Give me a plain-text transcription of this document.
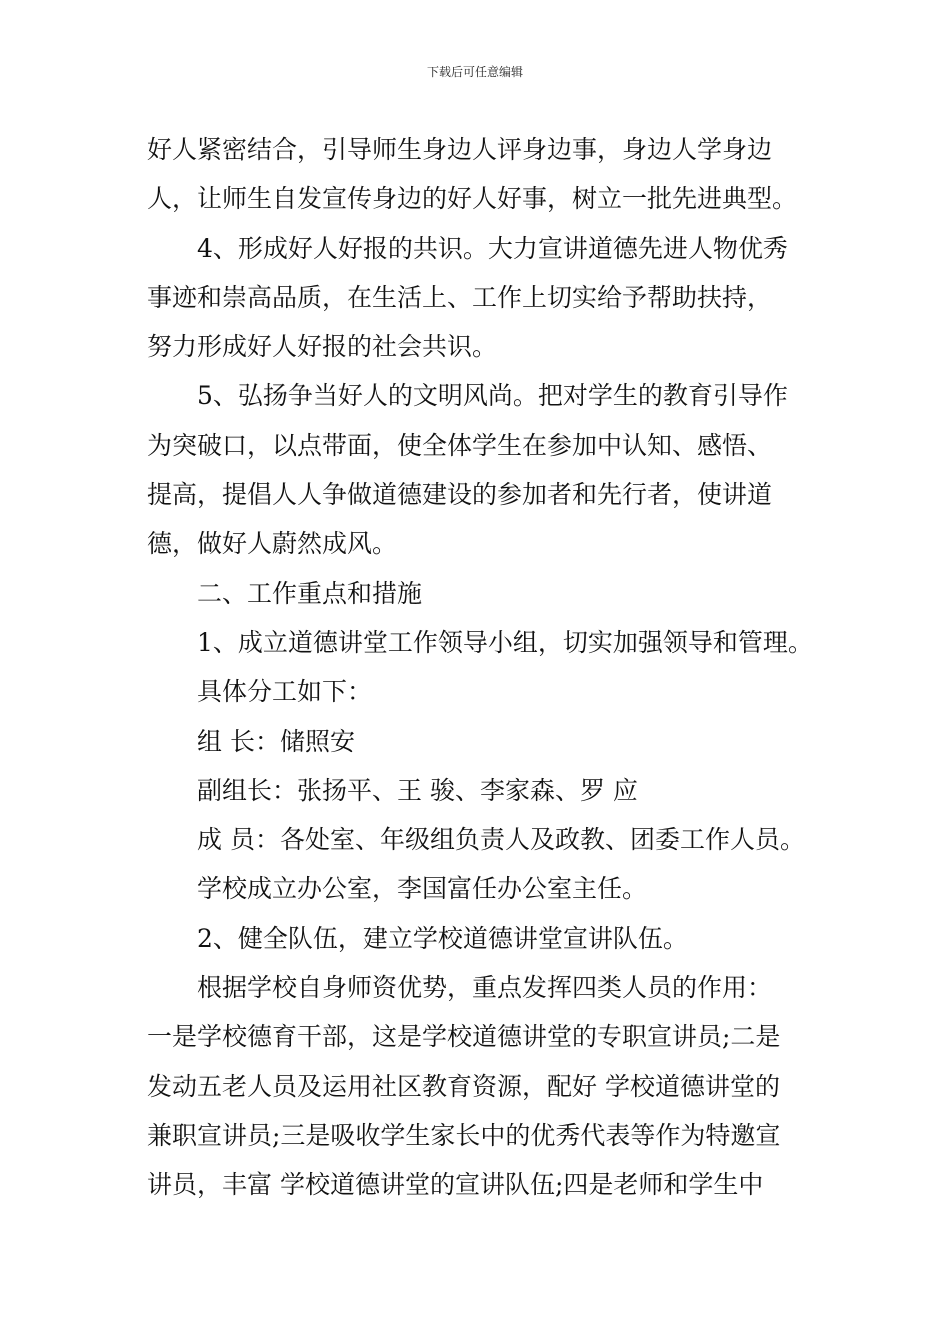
下载后可任意编辑
好人紧密结合，引导师生身边人评身边事，身边人学身边
人，让师生自发宣传身边的好人好事，树立一批先进典型。
4、形成好人好报的共识。大力宣讲道德先进人物优秀
事迹和崇高品质，在生活上、工作上切实给予帮助扶持，
努力形成好人好报的社会共识。
5、弘扬争当好人的文明风尚。把对学生的教育引导作
为突破口，以点带面，使全体学生在参加中认知、感悟、
提高，提倡人人争做道德建设的参加者和先行者，使讲道
德，做好人蔚然成风。
二、工作重点和措施
1、成立道德讲堂工作领导小组，切实加强领导和管理。
具体分工如下：
组 长：储照安
副组长：张扬平、王 骏、李家森、罗 应
成 员：各处室、年级组负责人及政教、团委工作人员。
学校成立办公室，李国富任办公室主任。
2、健全队伍，建立学校道德讲堂宣讲队伍。
根据学校自身师资优势，重点发挥四类人员的作用：
一是学校德育干部，这是学校道德讲堂的专职宣讲员;二是
发动五老人员及运用社区教育资源，配好 学校道德讲堂的
兼职宣讲员;三是吸收学生家长中的优秀代表等作为特邀宣
讲员，丰富 学校道德讲堂的宣讲队伍;四是老师和学生中
